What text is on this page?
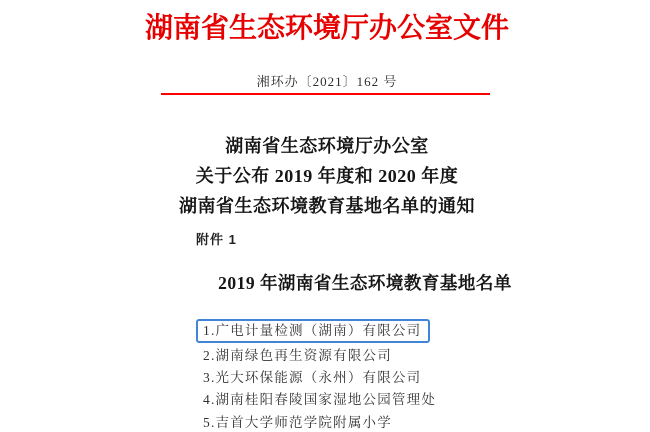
湖南省生态环境厅办公室文件
湘环办〔2021〕162 号
湖南省生态环境厅办公室
关于公布 2019 年度和 2020 年度
湖南省生态环境教育基地名单的通知
附件 1
2019 年湖南省生态环境教育基地名单
1.广电计量检测（湖南）有限公司
2.湖南绿色再生资源有限公司
3.光大环保能源（永州）有限公司
4.湖南桂阳春陵国家湿地公园管理处
5.吉首大学师范学院附属小学
